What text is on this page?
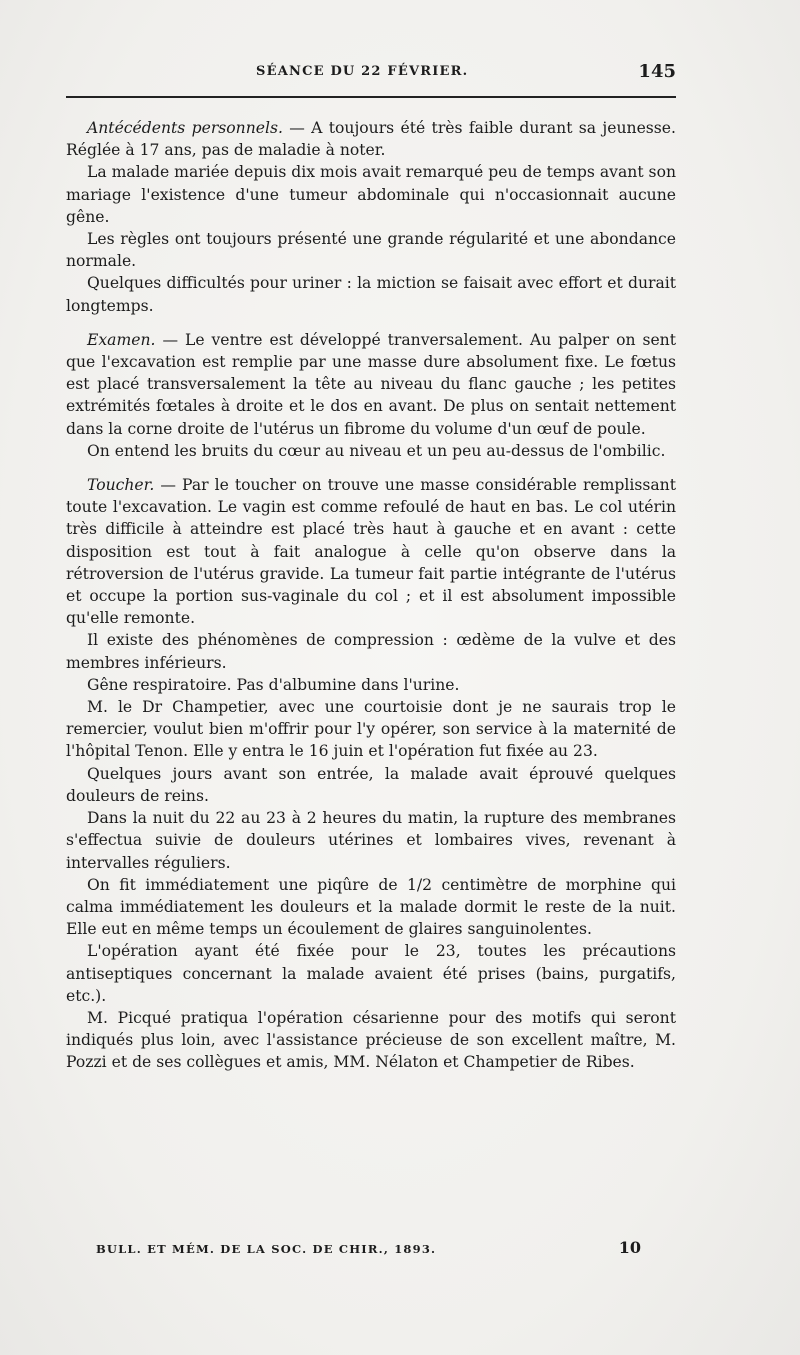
SÉANCE DU 22 FÉVRIER.	145

Antécédents personnels. — A toujours été très faible durant sa jeunesse. Réglée à 17 ans, pas de maladie à noter.

La malade mariée depuis dix mois avait remarqué peu de temps avant son mariage l'existence d'une tumeur abdominale qui n'occasionnait aucune gêne.

Les règles ont toujours présenté une grande régularité et une abondance normale.

Quelques difficultés pour uriner : la miction se faisait avec effort et durait longtemps.

Examen. — Le ventre est développé tranversalement. Au palper on sent que l'excavation est remplie par une masse dure absolument fixe. Le fœtus est placé transversalement la tête au niveau du flanc gauche ; les petites extrémités fœtales à droite et le dos en avant. De plus on sentait nettement dans la corne droite de l'utérus un fibrome du volume d'un œuf de poule.

On entend les bruits du cœur au niveau et un peu au-dessus de l'ombilic.

Toucher. — Par le toucher on trouve une masse considérable remplissant toute l'excavation. Le vagin est comme refoulé de haut en bas. Le col utérin très difficile à atteindre est placé très haut à gauche et en avant : cette disposition est tout à fait analogue à celle qu'on observe dans la rétroversion de l'utérus gravide. La tumeur fait partie intégrante de l'utérus et occupe la portion sus-vaginale du col ; et il est absolument impossible qu'elle remonte.

Il existe des phénomènes de compression : œdème de la vulve et des membres inférieurs.

Gêne respiratoire. Pas d'albumine dans l'urine.

M. le Dr Champetier, avec une courtoisie dont je ne saurais trop le remercier, voulut bien m'offrir pour l'y opérer, son service à la maternité de l'hôpital Tenon. Elle y entra le 16 juin et l'opération fut fixée au 23.

Quelques jours avant son entrée, la malade avait éprouvé quelques douleurs de reins.

Dans la nuit du 22 au 23 à 2 heures du matin, la rupture des membranes s'effectua suivie de douleurs utérines et lombaires vives, revenant à intervalles réguliers.

On fit immédiatement une piqûre de 1/2 centimètre de morphine qui calma immédiatement les douleurs et la malade dormit le reste de la nuit. Elle eut en même temps un écoulement de glaires sanguinolentes.

L'opération ayant été fixée pour le 23, toutes les précautions antiseptiques concernant la malade avaient été prises (bains, purgatifs, etc.).

M. Picqué pratiqua l'opération césarienne pour des motifs qui seront indiqués plus loin, avec l'assistance précieuse de son excellent maître, M. Pozzi et de ses collègues et amis, MM. Nélaton et Champetier de Ribes.

BULL. ET MÉM. DE LA SOC. DE CHIR., 1893.	10
